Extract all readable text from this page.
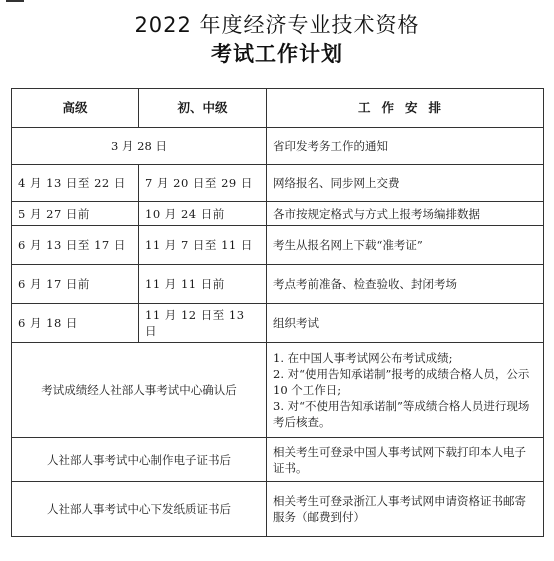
2022 年度经济专业技术资格
考试工作计划
高级	初、中级	工作安排
3 月 28 日		省印发考务工作的通知
4 月 13 日至 22 日	7 月 20 日至 29 日	网络报名、同步网上交费
5 月 27 日前	10 月 24 日前	各市按规定格式与方式上报考场编排数据
6 月 13 日至 17 日	11 月 7 日至 11 日	考生从报名网上下载“准考证”
6 月 17 日前	11 月 11 日前	考点考前准备、检查验收、封闭考场
6 月 18 日	11 月 12 日至 13 日	组织考试
考试成绩经人社部人事考试中心确认后		1. 在中国人事考试网公布考试成绩;
2. 对“使用告知承诺制”报考的成绩合格人员，公示 10 个工作日;
3. 对“不使用告知承诺制”等成绩合格人员进行现场考后核查。

人社部人事考试中心制作电子证书后		相关考生可登录中国人事考试网下载打印本人电子证书。
人社部人事考试中心下发纸质证书后		相关考生可登录浙江人事考试网申请资格证书邮寄服务（邮费到付）
